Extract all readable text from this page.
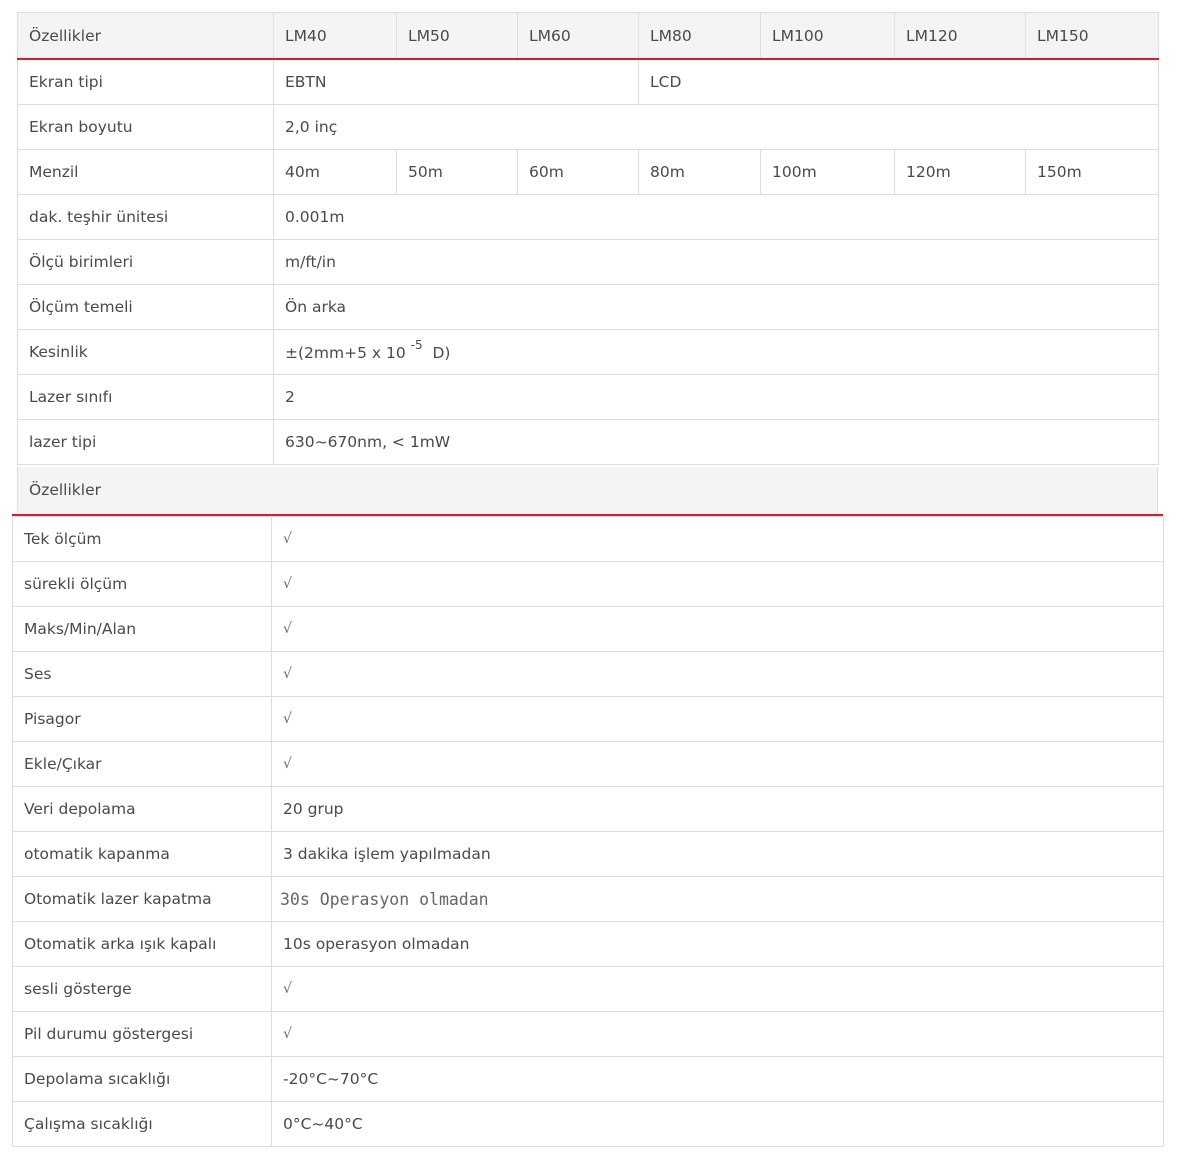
Özellikler	LM40	LM50	LM60	LM80	LM100	LM120	LM150
Ekran tipi	EBTN			LCD			
Ekran boyutu	2,0 inç						
Menzil	40m	50m	60m	80m	100m	120m	150m
dak. teşhir ünitesi	0.001m						
Ölçü birimleri	m/ft/in						
Ölçüm temeli	Ön arka						
Kesinlik	±(2mm+5 x 10 $^{-5}$ D)						
Lazer sınıfı	2						
lazer tipi	630~670nm, < 1mW						
Özellikler
Tek ölçüm	√
sürekli ölçüm	√
Maks/Min/Alan	√
Ses	√
Pisagor	√
Ekle/Çıkar	√
Veri depolama	20 grup
otomatik kapanma	3 dakika işlem yapılmadan
Otomatik lazer kapatma	30s Operasyon olmadan
Otomatik arka ışık kapalı	10s operasyon olmadan
sesli gösterge	√
Pil durumu göstergesi	√
Depolama sıcaklığı	-20°C~70°C
Çalışma sıcaklığı	0°C~40°C
